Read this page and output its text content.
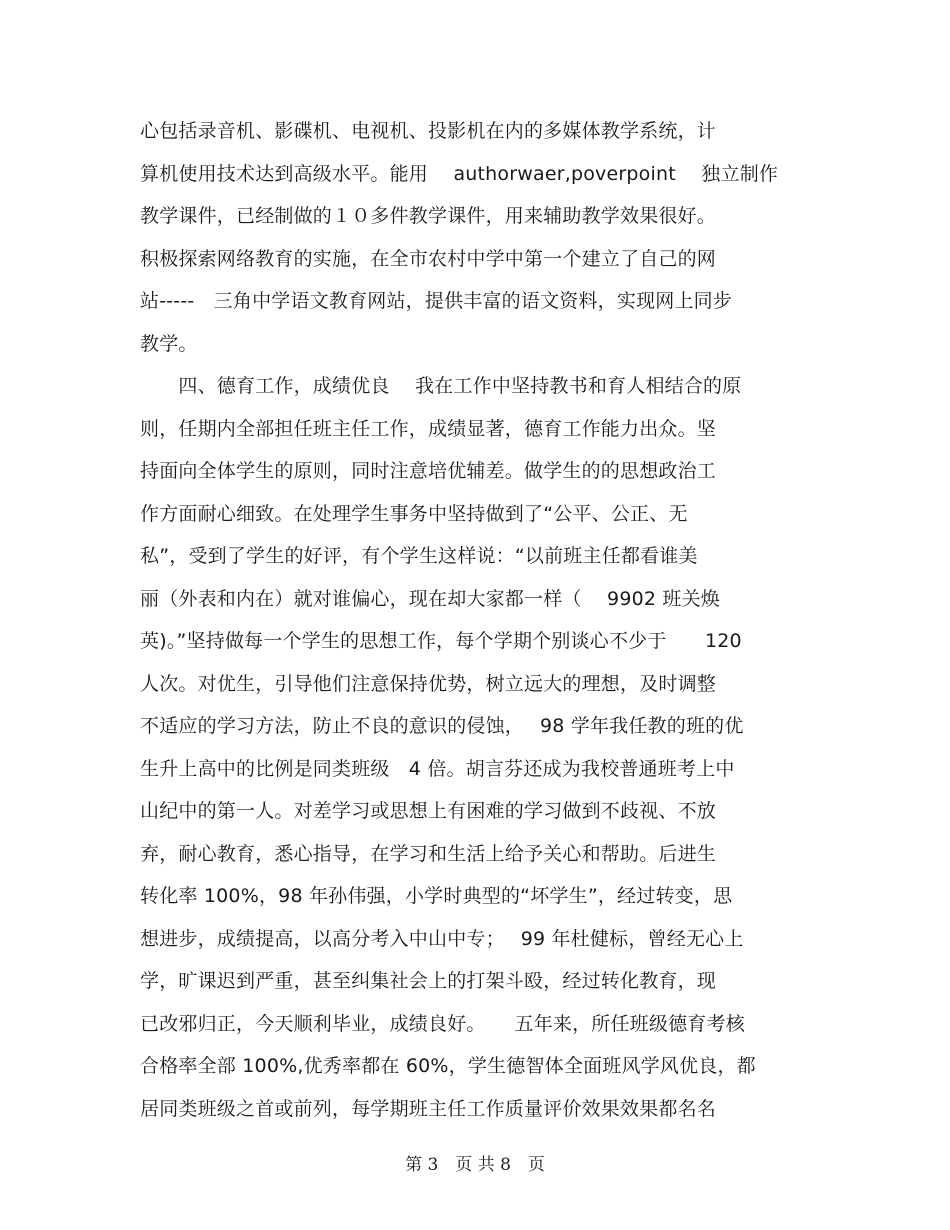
心包括录音机、影碟机、电视机、投影机在内的多媒体教学系统，计
算机使用技术达到高级水平。能用　 authorwaer,poverpoint　 独立制作
教学课件，已经制做的１０多件教学课件，用来辅助教学效果很好。
积极探索网络教育的实施，在全市农村中学中第一个建立了自己的网
站-----　三角中学语文教育网站，提供丰富的语文资料，实现网上同步
教学。
　　四、德育工作，成绩优良　 我在工作中坚持教书和育人相结合的原
则，任期内全部担任班主任工作，成绩显著，德育工作能力出众。坚
持面向全体学生的原则，同时注意培优辅差。做学生的的思想政治工
作方面耐心细致。在处理学生事务中坚持做到了“公平、公正、无
私”，受到了学生的好评，有个学生这样说：“以前班主任都看谁美
丽（外表和内在）就对谁偏心，现在却大家都一样（　 9902 班关焕
英)。”坚持做每一个学生的思想工作，每个学期个别谈心不少于　　120
人次。对优生，引导他们注意保持优势，树立远大的理想，及时调整
不适应的学习方法，防止不良的意识的侵蚀，　 98 学年我任教的班的优
生升上高中的比例是同类班级　4 倍。胡言芬还成为我校普通班考上中
山纪中的第一人。对差学习或思想上有困难的学习做到不歧视、不放
弃，耐心教育，悉心指导，在学习和生活上给予关心和帮助。后进生
转化率 100%，98 年孙伟强，小学时典型的“坏学生”，经过转变，思
想进步，成绩提高，以高分考入中山中专；　 99 年杜健标，曾经无心上
学，旷课迟到严重，甚至纠集社会上的打架斗殴，经过转化教育，现
已改邪归正，今天顺利毕业，成绩良好。　　五年来，所任班级德育考核
合格率全部 100%,优秀率都在 60%，学生德智体全面班风学风优良，都
居同类班级之首或前列，每学期班主任工作质量评价效果效果都名名
第 3　页 共 8　页
